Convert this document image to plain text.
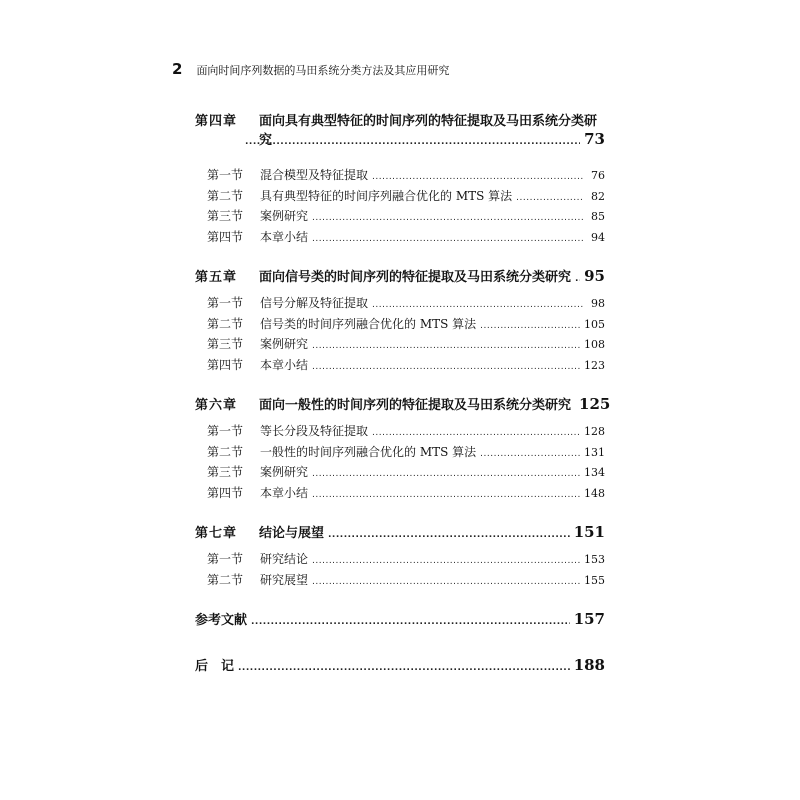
2 面向时间序列数据的马田系统分类方法及其应用研究
第四章	面向具有典型特征的时间序列的特征提取及马田系统分类研究 .....	73
第一节	混合模型及特征提取 .....	76
第二节	具有典型特征的时间序列融合优化的 MTS 算法 .....	82
第三节	案例研究 .....	85
第四节	本章小结 .....	94
第五章	面向信号类的时间序列的特征提取及马田系统分类研究 ..... 95
第一节	信号分解及特征提取 .....	98
第二节	信号类的时间序列融合优化的 MTS 算法 .....	105
第三节	案例研究 .....	108
第四节	本章小结 .....	123
第六章	面向一般性的时间序列的特征提取及马田系统分类研究 125
第一节	等长分段及特征提取 .....	128
第二节	一般性的时间序列融合优化的 MTS 算法 .....	131
第三节	案例研究 .....	134
第四节	本章小结 .....	148
第七章	结论与展望 .....	151
第一节	研究结论 .....	153
第二节	研究展望 .....	155
参考文献 .....	157
后　记 .....	188
